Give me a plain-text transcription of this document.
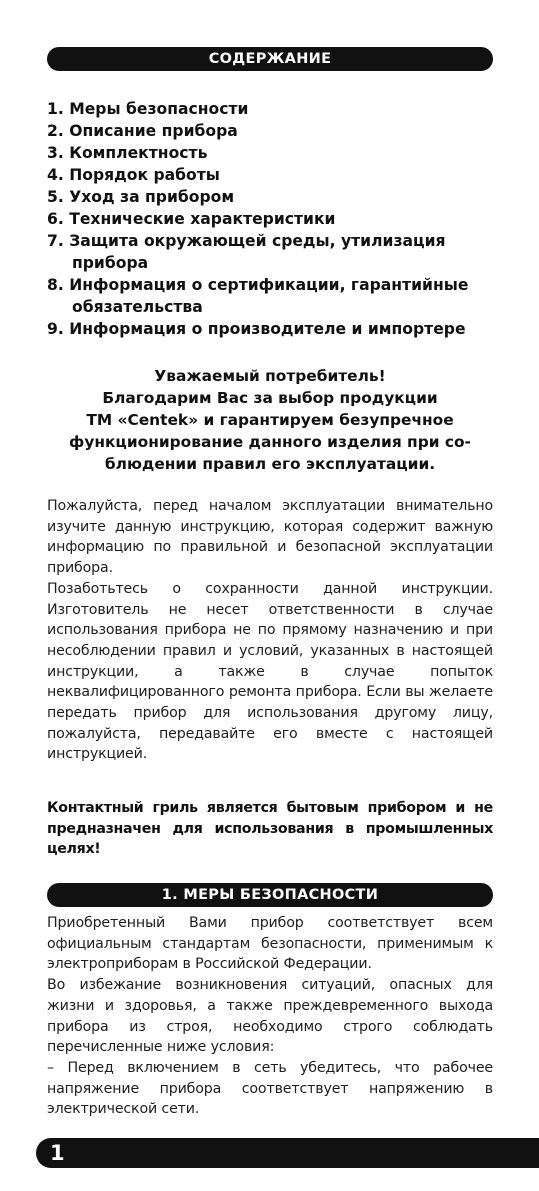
СОДЕРЖАНИЕ
1. Меры безопасности
2. Описание прибора
3. Комплектность
4. Порядок работы
5. Уход за прибором
6. Технические характеристики
7. Защита окружающей среды, утилизация прибора
8. Информация о сертификации, гарантийные обязательства
9. Информация о производителе и импортере
Уважаемый потребитель!
Благодарим Вас за выбор продукции
ТМ «Centek» и гарантируем безупречное
функционирование данного изделия при со-
блюдении правил его эксплуатации.

Пожалуйста, перед началом эксплуатации внимательно изучите данную инструкцию, которая содержит важную информацию по правильной и безопасной эксплуатации прибора.

Позаботьтесь о сохранности данной инструкции. Изготовитель не несет ответственности в случае использования прибора не по прямому назначению и при несоблюдении правил и условий, указанных в настоящей инструкции, а также в случае попыток неквалифицированного ремонта прибора. Если вы желаете передать прибор для использования другому лицу, пожалуйста, передавайте его вместе с настоящей инструкцией.

Контактный гриль является бытовым прибором и не предназначен для использования в промышленных целях!

1. МЕРЫ БЕЗОПАСНОСТИ

Приобретенный Вами прибор соответствует всем официальным стандартам безопасности, применимым к электроприборам в Российской Федерации.

Во избежание возникновения ситуаций, опасных для жизни и здоровья, а также преждевременного выхода прибора из строя, необходимо строго соблюдать перечисленные ниже условия:

– Перед включением в сеть убедитесь, что рабочее напряжение прибора соответствует напряжению в электрической сети.

1
